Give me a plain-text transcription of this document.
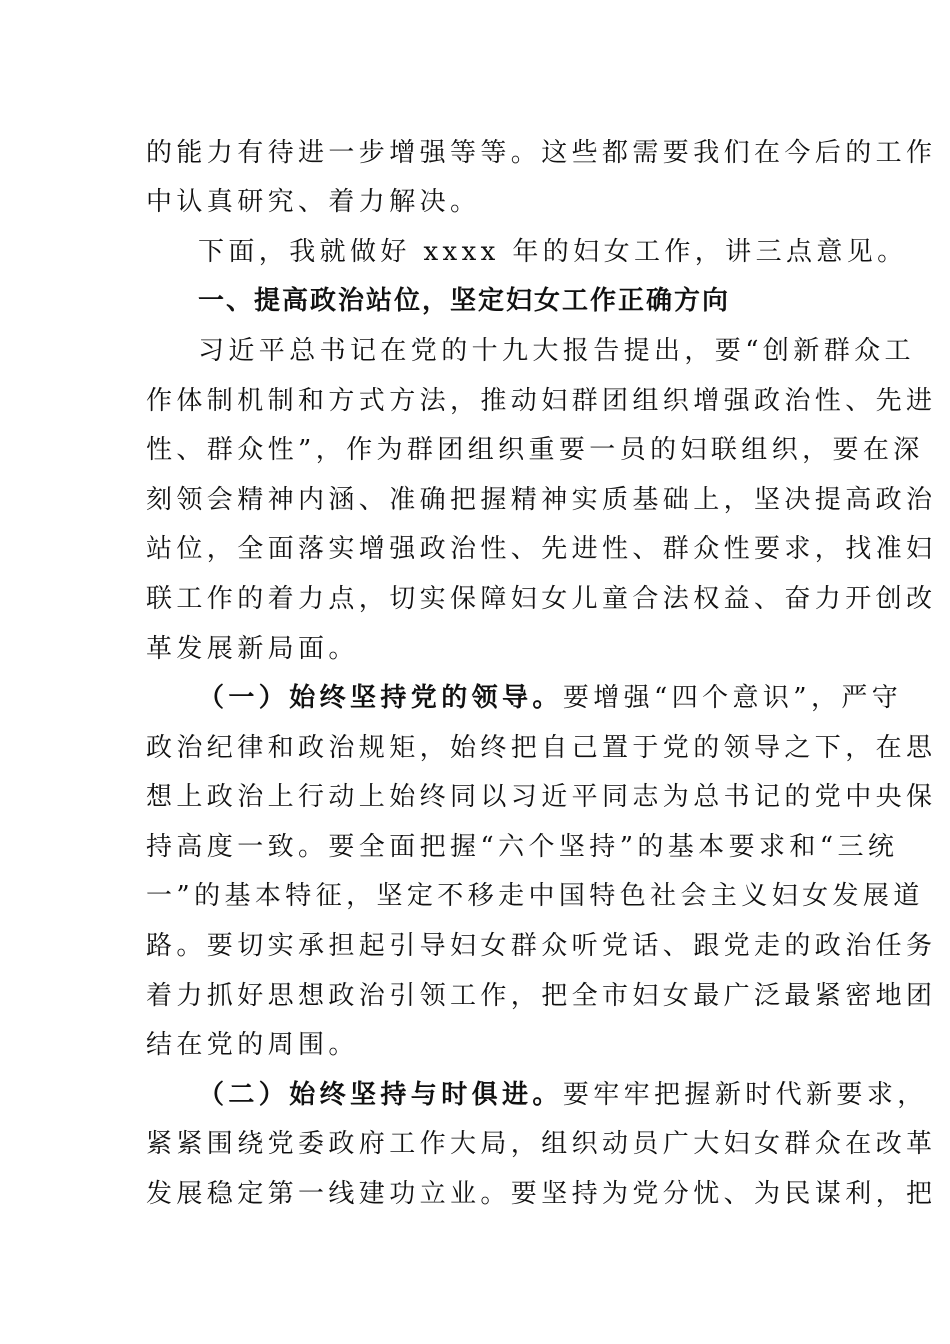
的能力有待进一步增强等等。这些都需要我们在今后的工作
中认真研究、着力解决。
下面，我就做好 xxxx 年的妇女工作，讲三点意见。
一、提高政治站位，坚定妇女工作正确方向
习近平总书记在党的十九大报告提出，要“创新群众工
作体制机制和方式方法，推动妇群团组织增强政治性、先进
性、群众性”，作为群团组织重要一员的妇联组织，要在深
刻领会精神内涵、准确把握精神实质基础上，坚决提高政治
站位，全面落实增强政治性、先进性、群众性要求，找准妇
联工作的着力点，切实保障妇女儿童合法权益、奋力开创改
革发展新局面。
（一）始终坚持党的领导。要增强“四个意识”，严守
政治纪律和政治规矩，始终把自己置于党的领导之下，在思
想上政治上行动上始终同以习近平同志为总书记的党中央保
持高度一致。要全面把握“六个坚持”的基本要求和“三统
一”的基本特征，坚定不移走中国特色社会主义妇女发展道
路。要切实承担起引导妇女群众听党话、跟党走的政治任务
着力抓好思想政治引领工作，把全市妇女最广泛最紧密地团
结在党的周围。
（二）始终坚持与时俱进。要牢牢把握新时代新要求，
紧紧围绕党委政府工作大局，组织动员广大妇女群众在改革
发展稳定第一线建功立业。要坚持为党分忧、为民谋利，把
